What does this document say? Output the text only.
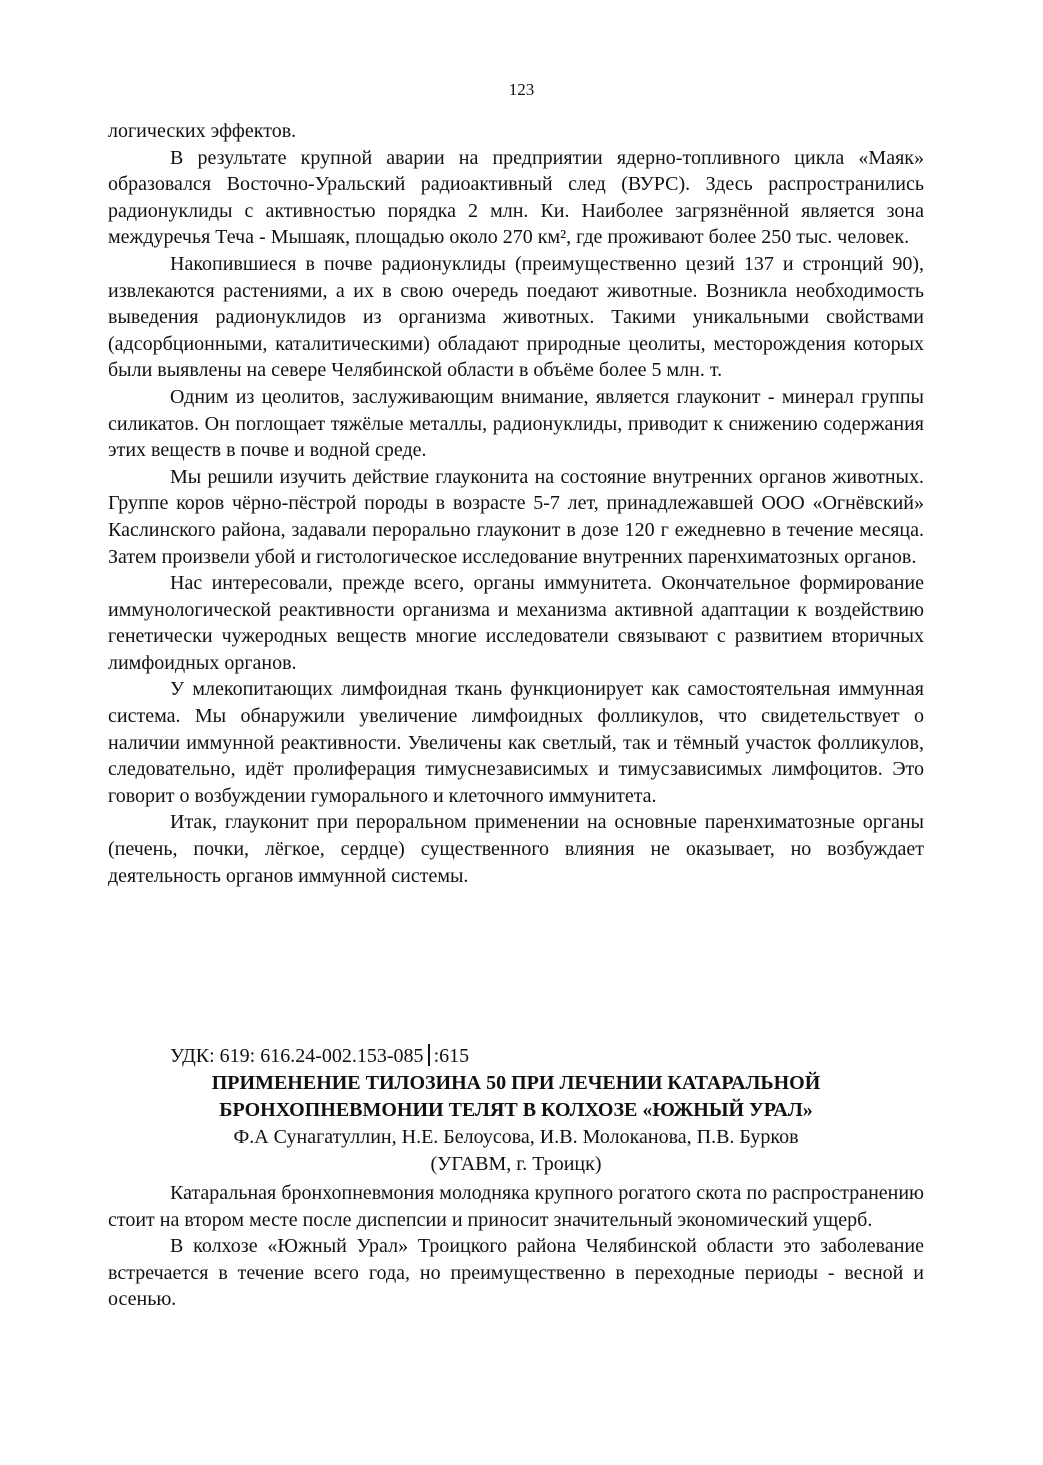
123

логических эффектов.

В результате крупной аварии на предприятии ядерно-топливного цикла «Маяк» образовался Восточно-Уральский радиоактивный след (ВУРС). Здесь распространились радионуклиды с активностью порядка 2 млн. Ки. Наиболее загрязнённой является зона междуречья Теча - Мышаяк, площадью около 270 км², где проживают более 250 тыс. человек.

Накопившиеся в почве радионуклиды (преимущественно цезий 137 и стронций 90), извлекаются растениями, а их в свою очередь поедают животные. Возникла необходимость выведения радионуклидов из организма животных. Такими уникальными свойствами (адсорбционными, каталитическими) обладают природные цеолиты, месторождения которых были выявлены на севере Челябинской области в объёме более 5 млн. т.

Одним из цеолитов, заслуживающим внимание, является глауконит - минерал группы силикатов. Он поглощает тяжёлые металлы, радионуклиды, приводит к снижению содержания этих веществ в почве и водной среде.

Мы решили изучить действие глауконита на состояние внутренних органов животных. Группе коров чёрно-пёстрой породы в возрасте 5-7 лет, принадлежавшей ООО «Огнёвский» Каслинского района, задавали перорально глауконит в дозе 120 г ежедневно в течение месяца. Затем произвели убой и гистологическое исследование внутренних паренхиматозных органов.

Нас интересовали, прежде всего, органы иммунитета. Окончательное формирование иммунологической реактивности организма и механизма активной адаптации к воздействию генетически чужеродных веществ многие исследователи связывают с развитием вторичных лимфоидных органов.

У млекопитающих лимфоидная ткань функционирует как самостоятельная иммунная система. Мы обнаружили увеличение лимфоидных фолликулов, что свидетельствует о наличии иммунной реактивности. Увеличены как светлый, так и тёмный участок фолликулов, следовательно, идёт пролиферация тимуснезависимых и тимусзависимых лимфоцитов. Это говорит о возбуждении гуморального и клеточного иммунитета.

Итак, глауконит при пероральном применении на основные паренхиматозные органы (печень, почки, лёгкое, сердце) существенного влияния не оказывает, но возбуждает деятельность органов иммунной системы.

УДК: 619: 616.24-002.153-085 :615
ПРИМЕНЕНИЕ ТИЛОЗИНА 50 ПРИ ЛЕЧЕНИИ КАТАРАЛЬНОЙ
БРОНХОПНЕВМОНИИ ТЕЛЯТ В КОЛХОЗЕ «ЮЖНЫЙ УРАЛ»
Ф.А Сунагатуллин, Н.Е. Белоусова, И.В. Молоканова, П.В. Бурков
(УГАВМ, г. Троицк)

Катаральная бронхопневмония молодняка крупного рогатого скота по распространению стоит на втором месте после диспепсии и приносит значительный экономический ущерб.

В колхозе «Южный Урал» Троицкого района Челябинской области это заболевание встречается в течение всего года, но преимущественно в переходные периоды - весной и осенью.
